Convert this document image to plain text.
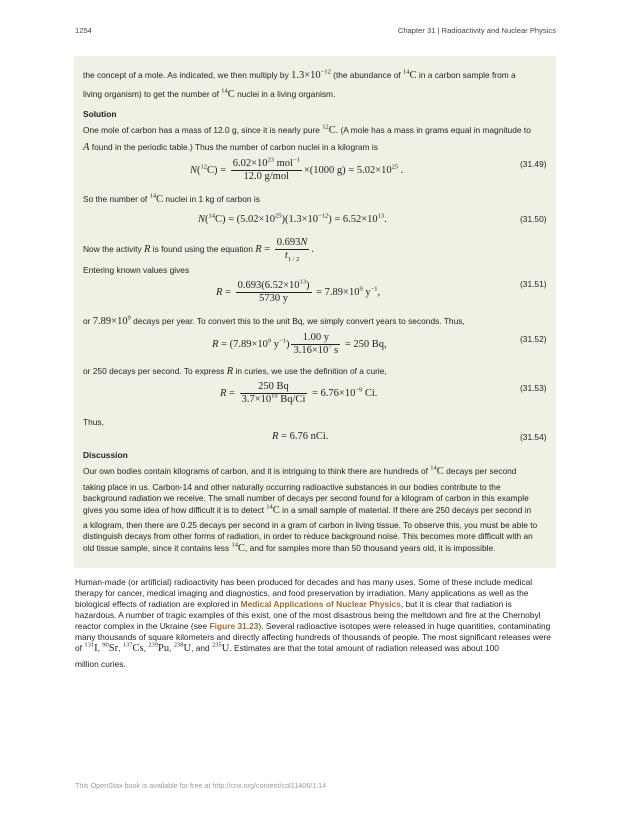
1254	Chapter 31 | Radioactivity and Nuclear Physics
the concept of a mole. As indicated, we then multiply by $1.3\times 10^{-12}$ (the abundance of $^{14}$C in a carbon sample from a
living organism) to get the number of $^{14}$C nuclei in a living organism.
Solution
One mole of carbon has a mass of 12.0 g, since it is nearly pure $^{12}$C. (A mole has a mass in grams equal in magnitude to
A found in the periodic table.) Thus the number of carbon nuclei in a kilogram is
$N(^{12}C) = \frac{6.02\times 10^{23} mol^{-1}}{\text{12.0 g/mol}} \times(1000$ $g) = 5.02\times 10^{25}$ .
(31.49)
So the number of $^{14}$C nuclei in 1 kg of carbon is
$N(^{14}C) = (5.02\times 10^{25})(1.3\times 10^{-12}) = 6.52\times 10^{13}$.	(31.50)
Now the activity R is found using the equation $R = \frac{0.693N}{t_{1 / 2}}$ .
Entering known values gives
$R = \frac{0.693(6.52\times 10^{13})}{5730 y} = 7.89\times 10^9$ $y^{-1}$,
(31.51)
or $7.89\times 10^9$ decays per year. To convert this to the unit Bq, we simply convert years to seconds. Thus,
$R = (7.89\times 10^9$ $y^{-1}) \frac{1.00 y}{3.16\times 10^7 s} = 250$ Bq,	(31.52)
or 250 decays per second. To express R in curies, we use the definition of a curie,
$R = \frac{250 Bq}{3.7\times 10^{10} Bq/Ci} = 6.76\times 10^{-9}$ Ci.	(31.53)
Thus,
R = 6.76 nCi.	(31.54)
Discussion
Our own bodies contain kilograms of carbon, and it is intriguing to think there are hundreds of $^{14}$C decays per second
taking place in us. Carbon-14 and other naturally occurring radioactive substances in our bodies contribute to the
background radiation we receive. The small number of decays per second found for a kilogram of carbon in this example
gives you some idea of how difficult it is to detect $^{14}$C in a small sample of material. If there are 250 decays per second in
a kilogram, then there are 0.25 decays per second in a gram of carbon in living tissue. To observe this, you must be able to
distinguish decays from other forms of radiation, in order to reduce background noise. This becomes more difficult with an
old tissue sample, since it contains less $^{14}$C, and for samples more than 50 thousand years old, it is impossible.
Human-made (or artificial) radioactivity has been produced for decades and has many uses. Some of these include medical
therapy for cancer, medical imaging and diagnostics, and food preservation by irradiation. Many applications as well as the
biological effects of radiation are explored in Medical Applications of Nuclear Physics, but it is clear that radiation is
hazardous. A number of tragic examples of this exist, one of the most disastrous being the meltdown and fire at the Chernobyl
reactor complex in the Ukraine (see Figure 31.23). Several radioactive isotopes were released in huge quantities, contaminating
many thousands of square kilometers and directly affecting hundreds of thousands of people. The most significant releases were
of $^{131}$I, $^{90}$Sr, $^{137}$Cs, $^{239}$Pu, $^{238}$U, and $^{235}$U. Estimates are that the total amount of radiation released was about 100
million curies.
This OpenStax book is available for free at http://cnx.org/content/col11406/1.14
